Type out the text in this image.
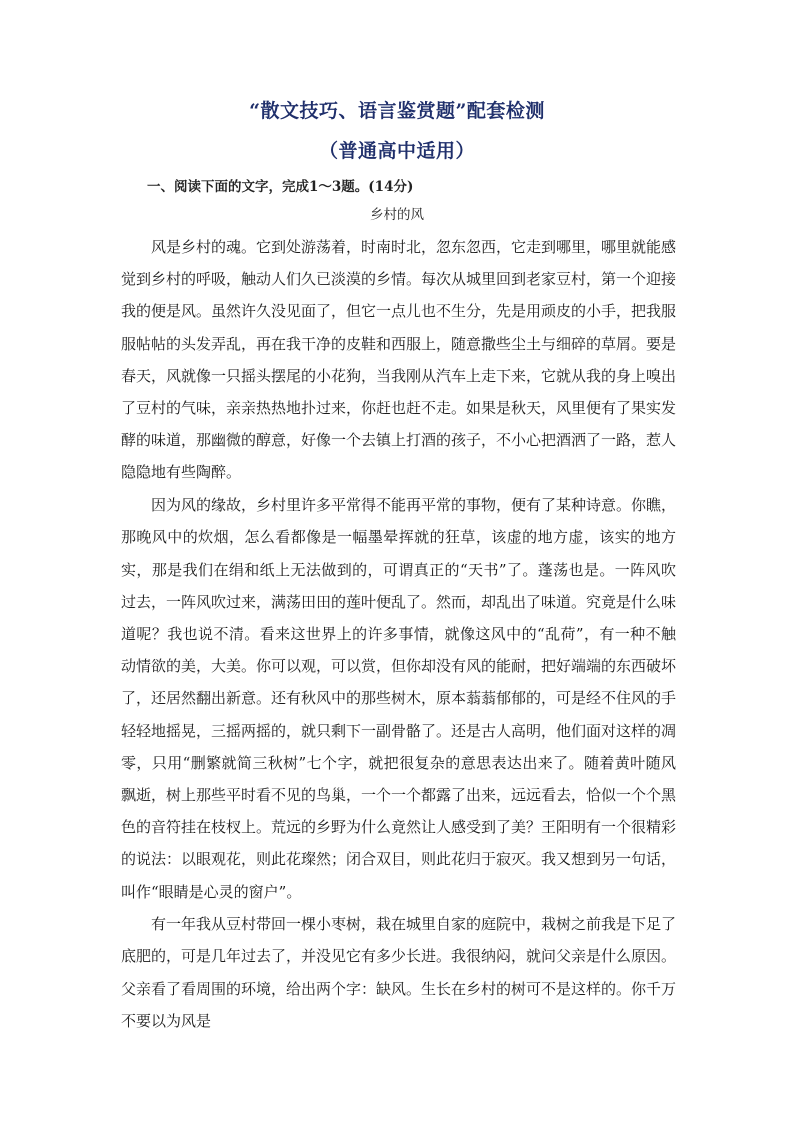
“散文技巧、语言鉴赏题”配套检测
（普通高中适用）
一、阅读下面的文字，完成1～3题。(14分)
乡村的风

风是乡村的魂。它到处游荡着，时南时北，忽东忽西，它走到哪里，哪里就能感觉到乡村的呼吸，触动人们久已淡漠的乡情。每次从城里回到老家豆村，第一个迎接我的便是风。虽然许久没见面了，但它一点儿也不生分，先是用顽皮的小手，把我服服帖帖的头发弄乱，再在我干净的皮鞋和西服上，随意撒些尘土与细碎的草屑。要是春天，风就像一只摇头摆尾的小花狗，当我刚从汽车上走下来，它就从我的身上嗅出了豆村的气味，亲亲热热地扑过来，你赶也赶不走。如果是秋天，风里便有了果实发酵的味道，那幽微的醇意，好像一个去镇上打酒的孩子，不小心把酒洒了一路，惹人隐隐地有些陶醉。

因为风的缘故，乡村里许多平常得不能再平常的事物，便有了某种诗意。你瞧，那晚风中的炊烟，怎么看都像是一幅墨晕挥就的狂草，该虚的地方虚，该实的地方实，那是我们在绢和纸上无法做到的，可谓真正的“天书”了。蓬荡也是。一阵风吹过去，一阵风吹过来，满荡田田的莲叶便乱了。然而，却乱出了味道。究竟是什么味道呢？我也说不清。看来这世界上的许多事情，就像这风中的“乱荷”，有一种不触动情欲的美，大美。你可以观，可以赏，但你却没有风的能耐，把好端端的东西破坏了，还居然翻出新意。还有秋风中的那些树木，原本蓊蓊郁郁的，可是经不住风的手轻轻地摇晃，三摇两摇的，就只剩下一副骨骼了。还是古人高明，他们面对这样的凋零，只用“删繁就简三秋树”七个字，就把很复杂的意思表达出来了。随着黄叶随风飘逝，树上那些平时看不见的鸟巢，一个一个都露了出来，远远看去，恰似一个个黑色的音符挂在枝杈上。荒远的乡野为什么竟然让人感受到了美？王阳明有一个很精彩的说法：以眼观花，则此花璨然；闭合双目，则此花归于寂灭。我又想到另一句话，叫作“眼睛是心灵的窗户”。

有一年我从豆村带回一棵小枣树，栽在城里自家的庭院中，栽树之前我是下足了底肥的，可是几年过去了，并没见它有多少长进。我很纳闷，就问父亲是什么原因。父亲看了看周围的环境，给出两个字：缺风。生长在乡村的树可不是这样的。你千万不要以为风是
